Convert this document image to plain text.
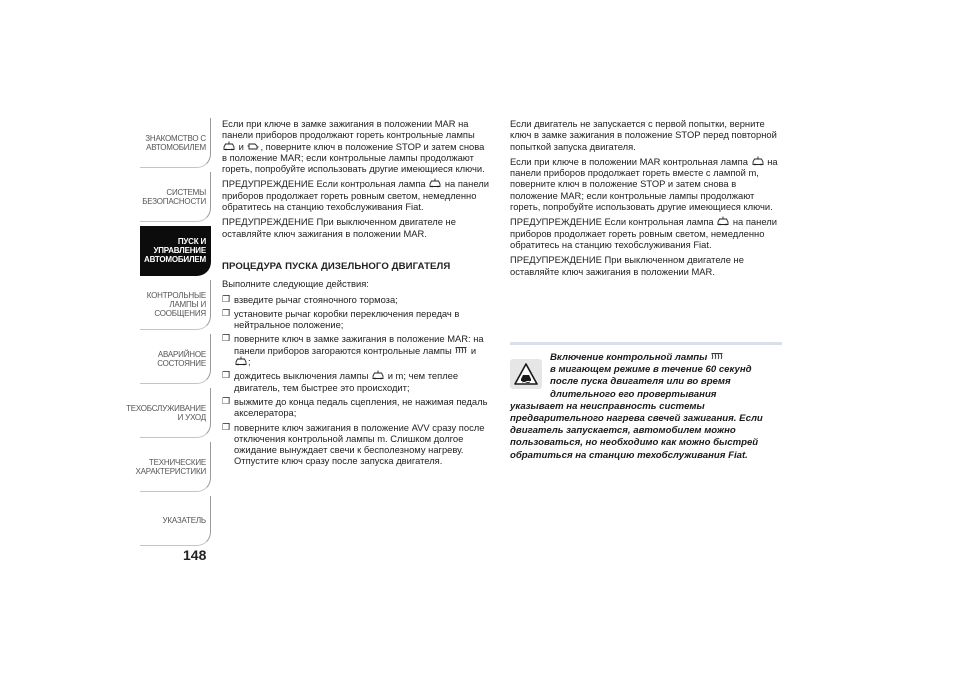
ЗНАКОМСТВО С
АВТОМОБИЛЕМ
СИСТЕМЫ
БЕЗОПАСНОСТИ
ПУСК И
УПРАВЛЕНИЕ
АВТОМОБИЛЕМ
КОНТРОЛЬНЫЕ
ЛАМПЫ И
СООБЩЕНИЯ
АВАРИЙНОЕ
СОСТОЯНИЕ
ТЕХОБСЛУЖИВАНИЕ
И УХОД
ТЕХНИЧЕСКИЕ
ХАРАКТЕРИСТИКИ
УКАЗАТЕЛЬ
148

Если при ключе в замке зажигания в положении MAR на панели приборов продолжают гореть контрольные лампы
и , поверните ключ в положение STOP и затем снова в положение MAR; если контрольные лампы продолжают гореть, попробуйте использовать другие имеющиеся ключи.

ПРЕДУПРЕЖДЕНИЕ Если контрольная лампа на панели приборов продолжает гореть ровным светом, немедленно обратитесь на станцию техобслуживания Fiat.

ПРЕДУПРЕЖДЕНИЕ При выключенном двигателе не оставляйте ключ зажигания в положении MAR.

ПРОЦЕДУРА ПУСКА ДИЗЕЛЬНОГО ДВИГАТЕЛЯ

Выполните следующие действия:

❒ взведите рычаг стояночного тормоза;
❒ установите рычаг коробки переключения передач в нейтральное положение;
❒ поверните ключ в замке зажигания в положение MAR: на панели приборов загораются контрольные лампы и
;
❒ дождитесь выключения лампы и m; чем теплее двигатель, тем быстрее это происходит;
❒ выжмите до конца педаль сцепления, не нажимая педаль акселератора;
❒ поверните ключ зажигания в положение AVV сразу после отключения контрольной лампы m. Слишком долгое ожидание вынуждает свечи к бесполезному нагреву. Отпустите ключ сразу после запуска двигателя.

Если двигатель не запускается с первой попытки, верните ключ в замке зажигания в положение STOP перед повторной попыткой запуска двигателя.

Если при ключе в положении MAR контрольная лампа на панели приборов продолжает гореть вместе с лампой m, поверните ключ в положение STOP и затем снова в положение MAR; если контрольные лампы продолжают гореть, попробуйте использовать другие имеющиеся ключи.

ПРЕДУПРЕЖДЕНИЕ Если контрольная лампа на панели приборов продолжает гореть ровным светом, немедленно обратитесь на станцию техобслуживания Fiat.

ПРЕДУПРЕЖДЕНИЕ При выключенном двигателе не оставляйте ключ зажигания в положении MAR.

Включение контрольной лампы
в мигающем режиме в течение 60 секунд
после пуска двигателя или во время
длительного его провертывания
указывает на неисправность системы предварительного нагрева свечей зажигания. Если двигатель запускается, автомобилем можно пользоваться, но необходимо как можно быстрей обратиться на станцию техобслуживания Fiat.
